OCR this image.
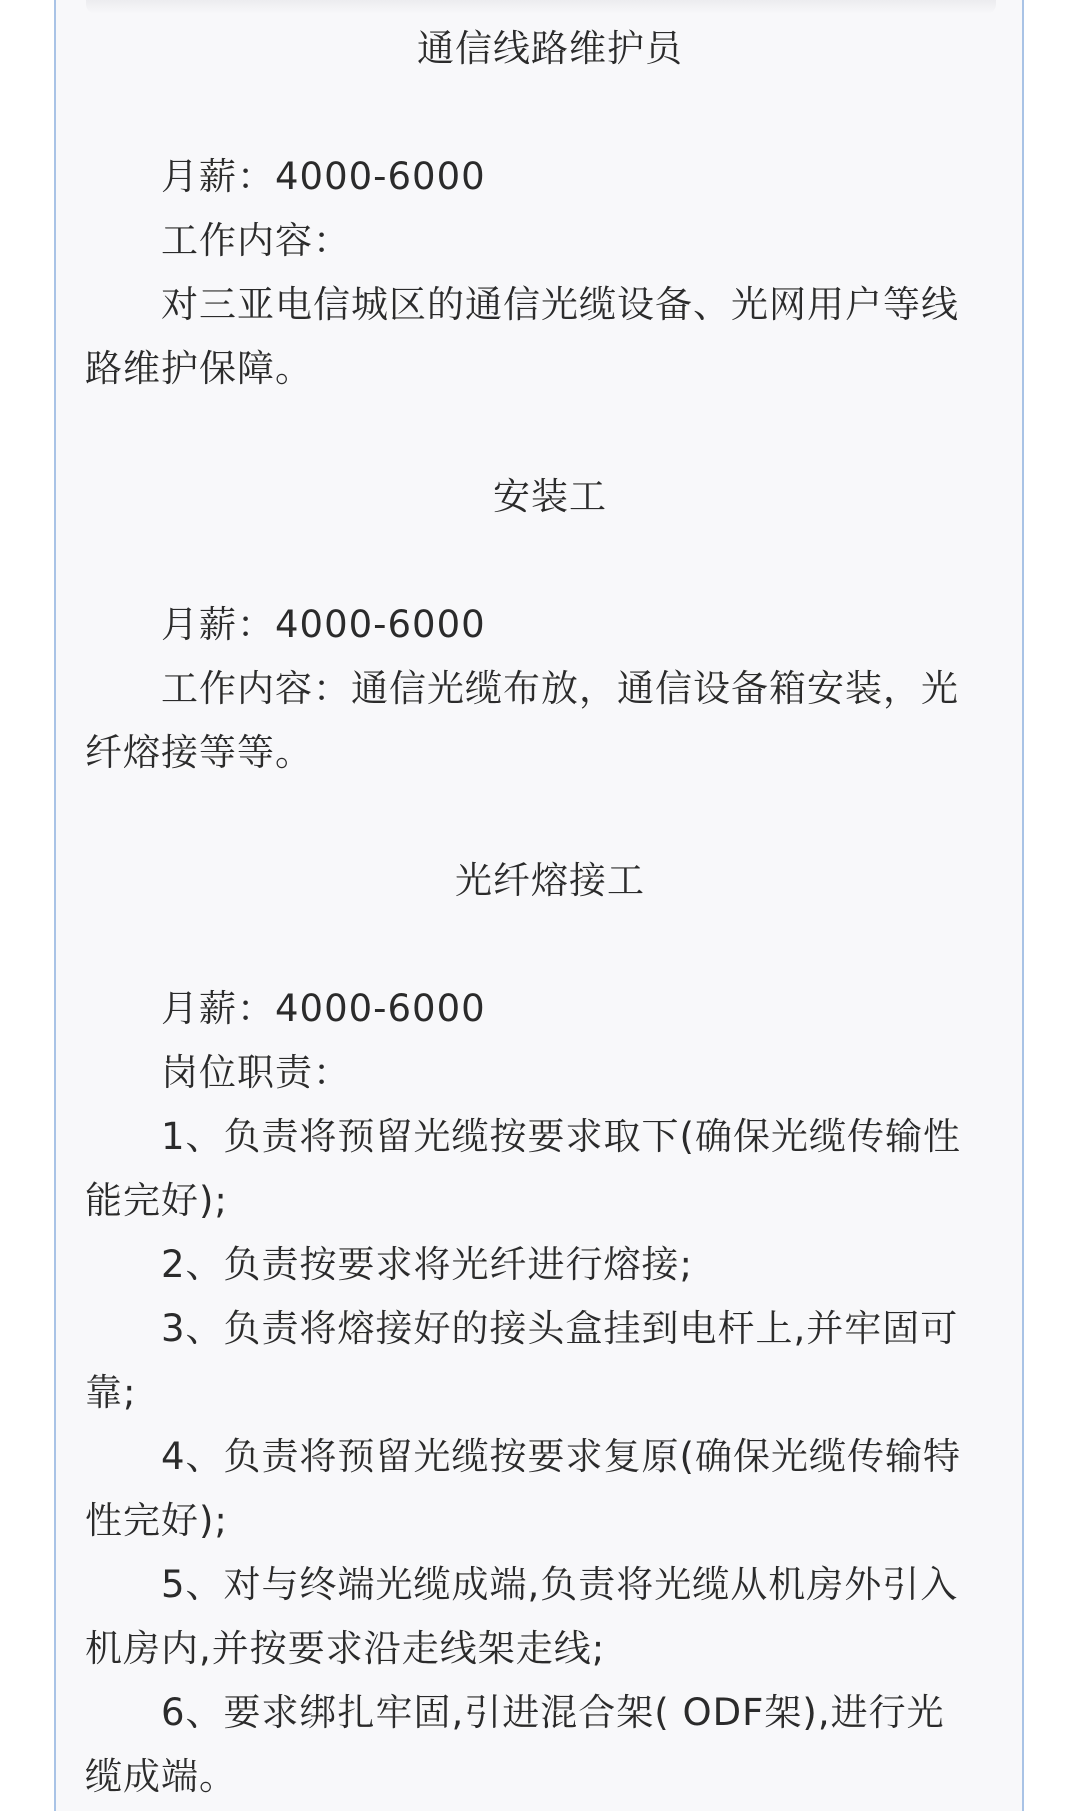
通信线路维护员

月薪：4000-6000

工作内容：

对三亚电信城区的通信光缆设备、光网用户等线路维护保障。

安装工

月薪：4000-6000

工作内容：通信光缆布放，通信设备箱安装，光纤熔接等等。

光纤熔接工

月薪：4000-6000

岗位职责：

1、负责将预留光缆按要求取下(确保光缆传输性能完好);

2、负责按要求将光纤进行熔接;

3、负责将熔接好的接头盒挂到电杆上,并牢固可靠;

4、负责将预留光缆按要求复原(确保光缆传输特性完好);

5、对与终端光缆成端,负责将光缆从机房外引入机房内,并按要求沿走线架走线;

6、要求绑扎牢固,引进混合架( ODF架),进行光缆成端。
